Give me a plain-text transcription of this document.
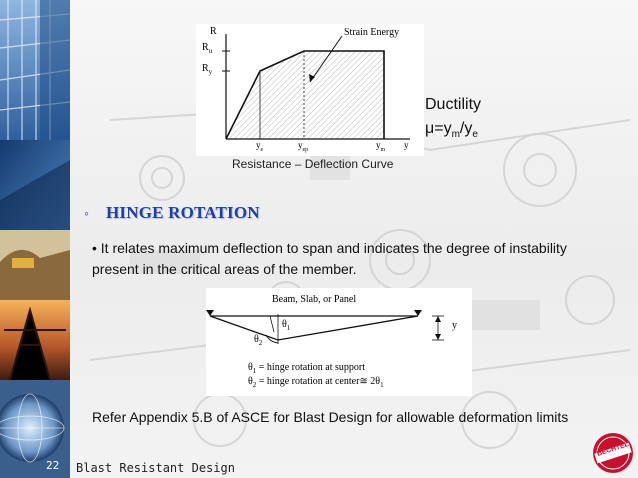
R
$R_u$
$R_y$
Strain Energy
$y_e$	$y_{ep}$	$y_m$ y
Resistance – Deflection Curve
Ductility
$\mu=y_m/y_e$
◦ HINGE ROTATION
• It relates maximum deflection to span and indicates the degree of instability present in the critical areas of the member.
Beam, Slab, or Panel
$\theta_1$
$\theta_2$
y
$\theta_1$ = hinge rotation at support
$\theta_2$ = hinge rotation at center≅ $2\theta_1$
Refer Appendix 5.B of ASCE for Blast Design for allowable deformation limits
22 Blast Resistant Design
BECHTEL
